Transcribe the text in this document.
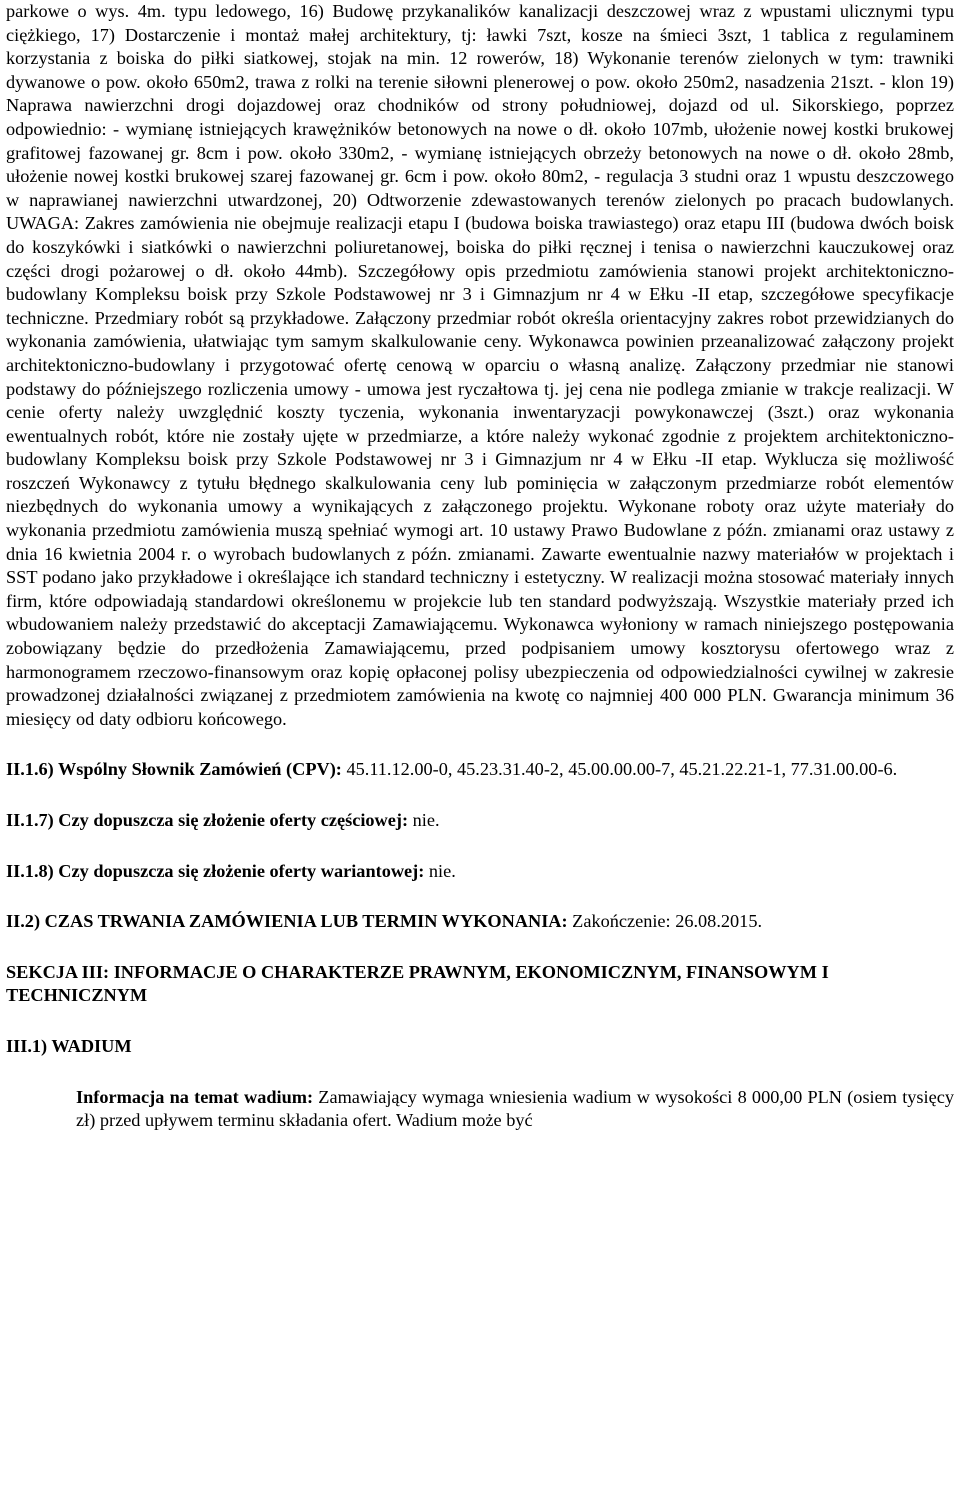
parkowe o wys. 4m. typu ledowego, 16) Budowę przykanalików kanalizacji deszczowej wraz z wpustami ulicznymi typu ciężkiego, 17) Dostarczenie i montaż małej architektury, tj: ławki 7szt, kosze na śmieci 3szt, 1 tablica z regulaminem korzystania z boiska do piłki siatkowej, stojak na min. 12 rowerów, 18) Wykonanie terenów zielonych w tym: trawniki dywanowe o pow. około 650m2, trawa z rolki na terenie siłowni plenerowej o pow. około 250m2, nasadzenia 21szt. - klon 19) Naprawa nawierzchni drogi dojazdowej oraz chodników od strony południowej, dojazd od ul. Sikorskiego, poprzez odpowiednio: - wymianę istniejących krawężników betonowych na nowe o dł. około 107mb, ułożenie nowej kostki brukowej grafitowej fazowanej gr. 8cm i pow. około 330m2, - wymianę istniejących obrzeży betonowych na nowe o dł. około 28mb, ułożenie nowej kostki brukowej szarej fazowanej gr. 6cm i pow. około 80m2, - regulacja 3 studni oraz 1 wpustu deszczowego w naprawianej nawierzchni utwardzonej, 20) Odtworzenie zdewastowanych terenów zielonych po pracach budowlanych. UWAGA: Zakres zamówienia nie obejmuje realizacji etapu I (budowa boiska trawiastego) oraz etapu III (budowa dwóch boisk do koszykówki i siatkówki o nawierzchni poliuretanowej, boiska do piłki ręcznej i tenisa o nawierzchni kauczukowej oraz części drogi pożarowej o dł. około 44mb). Szczegółowy opis przedmiotu zamówienia stanowi projekt architektoniczno-budowlany Kompleksu boisk przy Szkole Podstawowej nr 3 i Gimnazjum nr 4 w Ełku -II etap, szczegółowe specyfikacje techniczne. Przedmiary robót są przykładowe. Załączony przedmiar robót określa orientacyjny zakres robot przewidzianych do wykonania zamówienia, ułatwiając tym samym skalkulowanie ceny. Wykonawca powinien przeanalizować załączony projekt architektoniczno-budowlany i przygotować ofertę cenową w oparciu o własną analizę. Załączony przedmiar nie stanowi podstawy do późniejszego rozliczenia umowy - umowa jest ryczałtowa tj. jej cena nie podlega zmianie w trakcje realizacji. W cenie oferty należy uwzględnić koszty tyczenia, wykonania inwentaryzacji powykonawczej (3szt.) oraz wykonania ewentualnych robót, które nie zostały ujęte w przedmiarze, a które należy wykonać zgodnie z projektem architektoniczno-budowlany Kompleksu boisk przy Szkole Podstawowej nr 3 i Gimnazjum nr 4 w Ełku -II etap. Wyklucza się możliwość roszczeń Wykonawcy z tytułu błędnego skalkulowania ceny lub pominięcia w załączonym przedmiarze robót elementów niezbędnych do wykonania umowy a wynikających z załączonego projektu. Wykonane roboty oraz użyte materiały do wykonania przedmiotu zamówienia muszą spełniać wymogi art. 10 ustawy Prawo Budowlane z późn. zmianami oraz ustawy z dnia 16 kwietnia 2004 r. o wyrobach budowlanych z późn. zmianami. Zawarte ewentualnie nazwy materiałów w projektach i SST podano jako przykładowe i określające ich standard techniczny i estetyczny. W realizacji można stosować materiały innych firm, które odpowiadają standardowi określonemu w projekcie lub ten standard podwyższają. Wszystkie materiały przed ich wbudowaniem należy przedstawić do akceptacji Zamawiającemu. Wykonawca wyłoniony w ramach niniejszego postępowania zobowiązany będzie do przedłożenia Zamawiającemu, przed podpisaniem umowy kosztorysu ofertowego wraz z harmonogramem rzeczowo-finansowym oraz kopię opłaconej polisy ubezpieczenia od odpowiedzialności cywilnej w zakresie prowadzonej działalności związanej z przedmiotem zamówienia na kwotę co najmniej 400 000 PLN. Gwarancja minimum 36 miesięcy od daty odbioru końcowego.

II.1.6) Wspólny Słownik Zamówień (CPV): 45.11.12.00-0, 45.23.31.40-2, 45.00.00.00-7, 45.21.22.21-1, 77.31.00.00-6.

II.1.7) Czy dopuszcza się złożenie oferty częściowej: nie.

II.1.8) Czy dopuszcza się złożenie oferty wariantowej: nie.

II.2) CZAS TRWANIA ZAMÓWIENIA LUB TERMIN WYKONANIA: Zakończenie: 26.08.2015.

SEKCJA III: INFORMACJE O CHARAKTERZE PRAWNYM, EKONOMICZNYM, FINANSOWYM I TECHNICZNYM

III.1) WADIUM

Informacja na temat wadium: Zamawiający wymaga wniesienia wadium w wysokości 8 000,00 PLN (osiem tysięcy zł) przed upływem terminu składania ofert. Wadium może być
